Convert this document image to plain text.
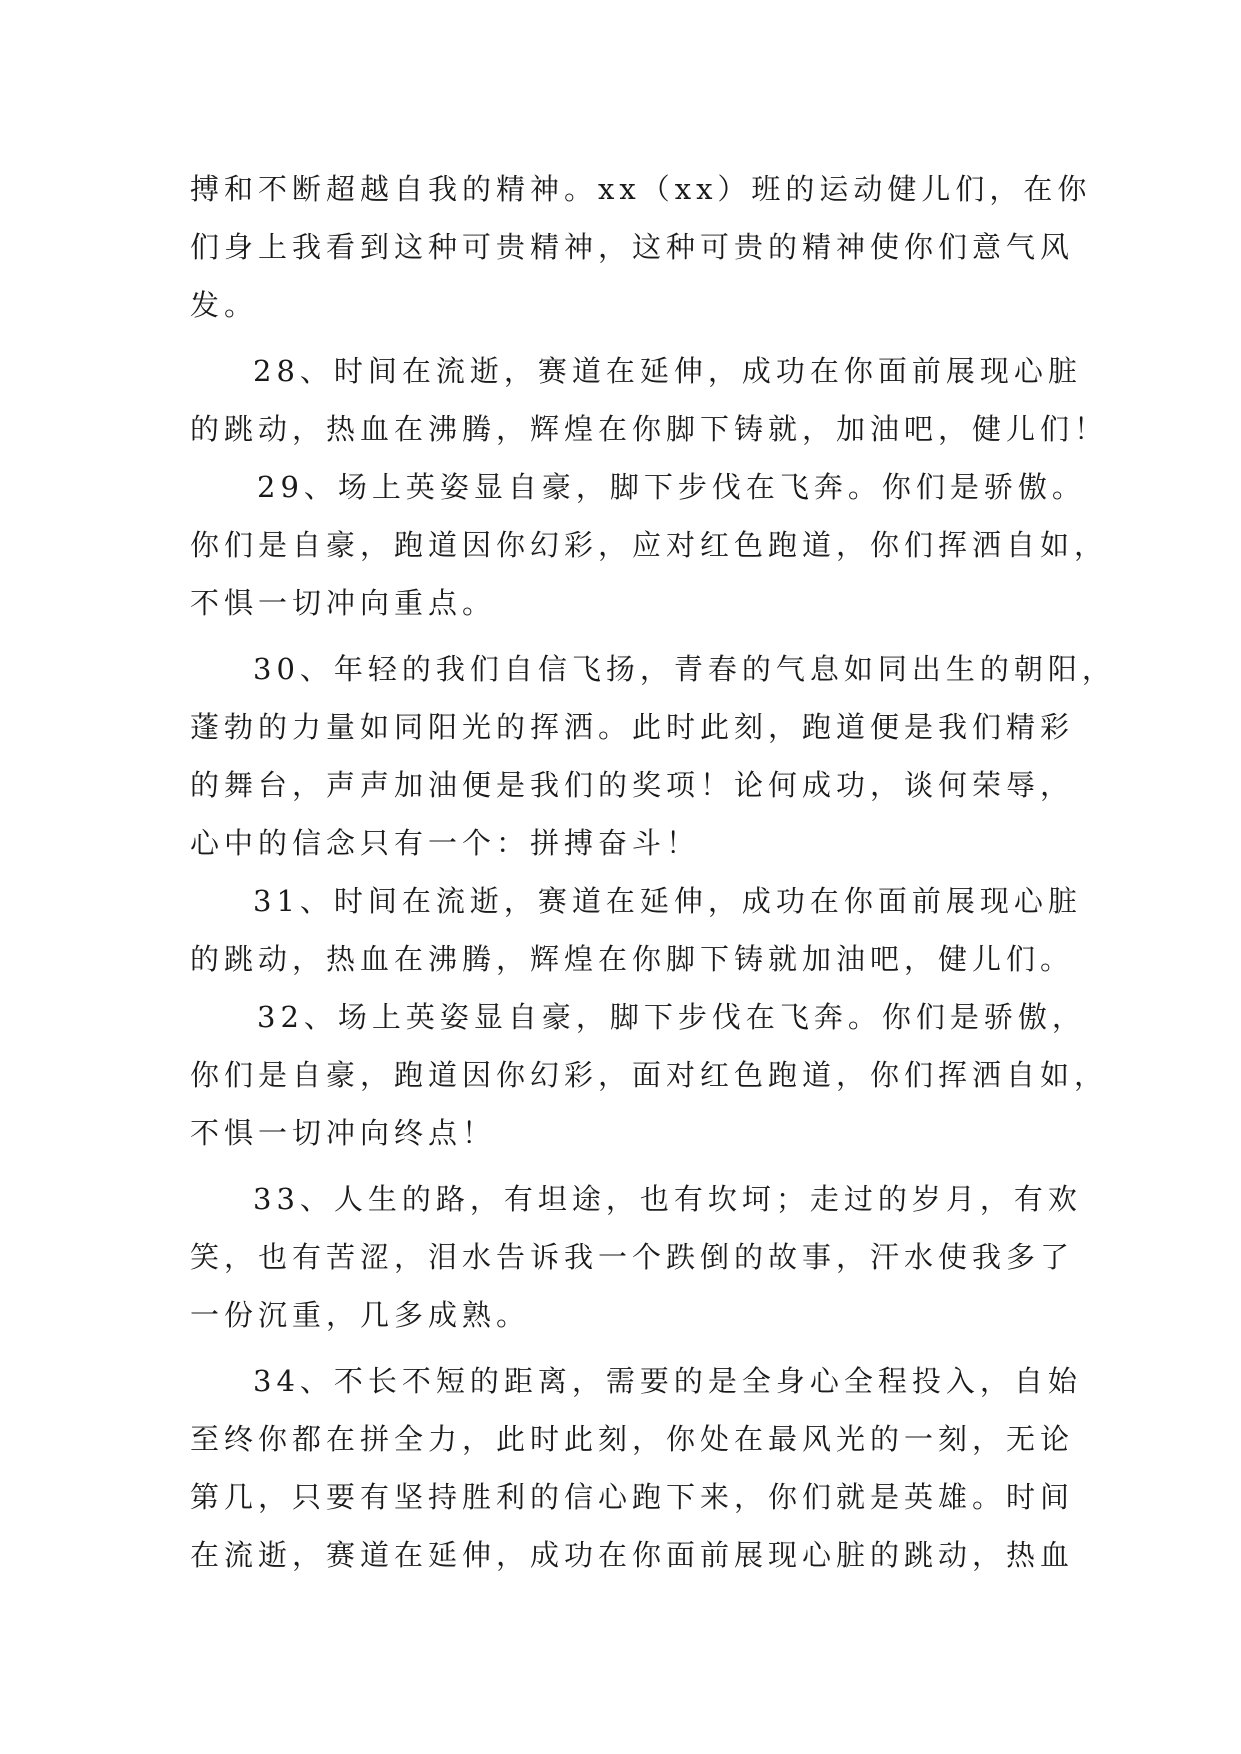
搏和不断超越自我的精神。xx（xx）班的运动健儿们，在你
们身上我看到这种可贵精神，这种可贵的精神使你们意气风
发。
28、时间在流逝，赛道在延伸，成功在你面前展现心脏
的跳动，热血在沸腾，辉煌在你脚下铸就，加油吧，健儿们！
29、场上英姿显自豪，脚下步伐在飞奔。你们是骄傲。
你们是自豪，跑道因你幻彩，应对红色跑道，你们挥洒自如，
不惧一切冲向重点。
30、年轻的我们自信飞扬，青春的气息如同出生的朝阳，
蓬勃的力量如同阳光的挥洒。此时此刻，跑道便是我们精彩
的舞台，声声加油便是我们的奖项！论何成功，谈何荣辱，
心中的信念只有一个：拼搏奋斗！
31、时间在流逝，赛道在延伸，成功在你面前展现心脏
的跳动，热血在沸腾，辉煌在你脚下铸就加油吧，健儿们。
32、场上英姿显自豪，脚下步伐在飞奔。你们是骄傲，
你们是自豪，跑道因你幻彩，面对红色跑道，你们挥洒自如，
不惧一切冲向终点！
33、人生的路，有坦途，也有坎坷；走过的岁月，有欢
笑，也有苦涩，泪水告诉我一个跌倒的故事，汗水使我多了
一份沉重，几多成熟。
34、不长不短的距离，需要的是全身心全程投入，自始
至终你都在拼全力，此时此刻，你处在最风光的一刻，无论
第几，只要有坚持胜利的信心跑下来，你们就是英雄。时间
在流逝，赛道在延伸，成功在你面前展现心脏的跳动，热血
